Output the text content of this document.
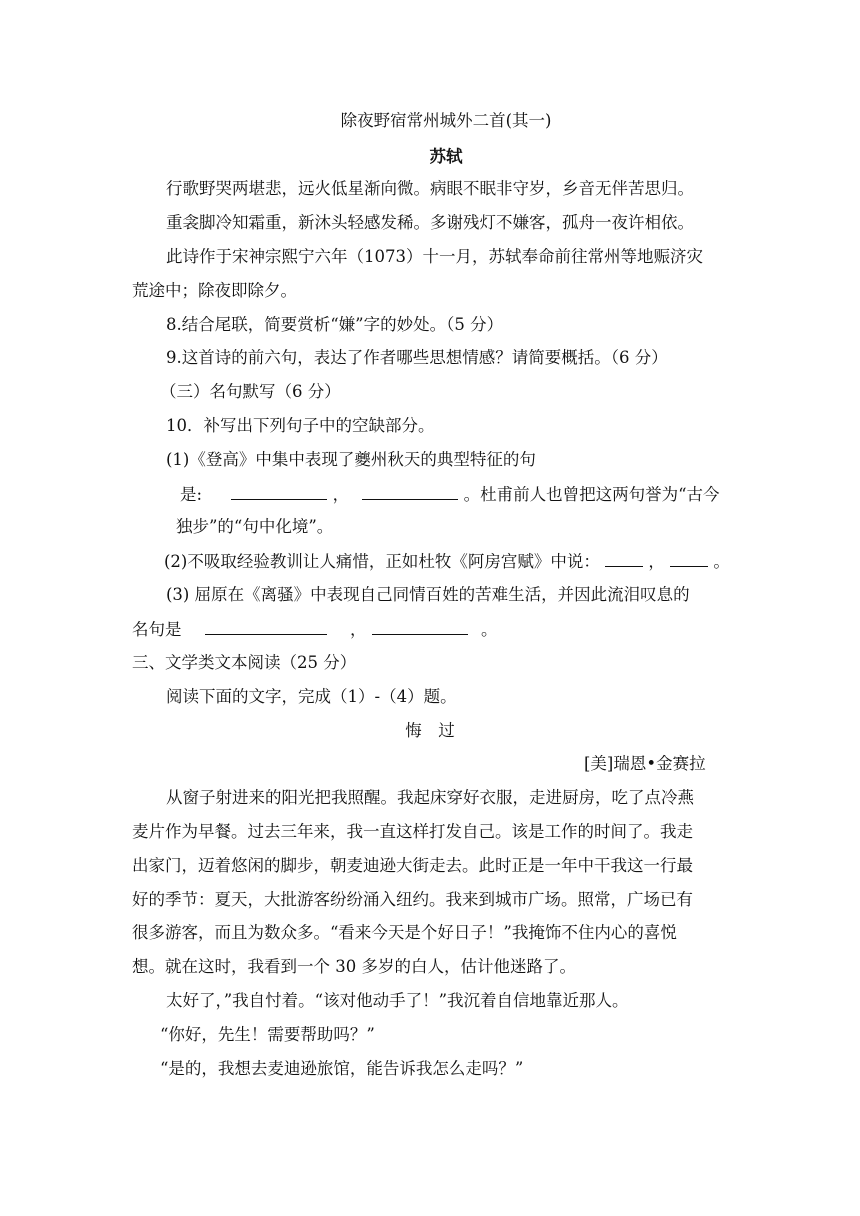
除夜野宿常州城外二首(其一)
苏轼
行歌野哭两堪悲，远火低星渐向微。病眼不眠非守岁，乡音无伴苦思归。
重衾脚冷知霜重，新沐头轻感发稀。多谢残灯不嫌客，孤舟一夜许相依。
此诗作于宋神宗熙宁六年（1073）十一月，苏轼奉命前往常州等地赈济灾
荒途中；除夜即除夕。
8.结合尾联，简要赏析“嫌”字的妙处。（5 分）
9.这首诗的前六句，表达了作者哪些思想情感？请简要概括。（6 分）
（三）名句默写（6 分）
10．补写出下列句子中的空缺部分。
(1)《登高》中集中表现了夔州秋天的典型特征的句
是:	，	。杜甫前人也曾把这两句誉为“古今
独步”的“句中化境”。
(2)不吸取经验教训让人痛惜，正如杜牧《阿房宫赋》中说：	，	。
(3) 屈原在《离骚》中表现自己同情百姓的苦难生活，并因此流泪叹息的
名句是	，	。
三、文学类文本阅读（25 分）
阅读下面的文字，完成（1）-（4）题。
悔　过
[美]瑞恩•金赛拉
从窗子射进来的阳光把我照醒。我起床穿好衣服，走进厨房，吃了点冷燕
麦片作为早餐。过去三年来，我一直这样打发自己。该是工作的时间了。我走
出家门，迈着悠闲的脚步，朝麦迪逊大街走去。此时正是一年中干我这一行最
好的季节：夏天，大批游客纷纷涌入纽约。我来到城市广场。照常，广场已有
很多游客，而且为数众多。“看来今天是个好日子！”我掩饰不住内心的喜悦
想。就在这时，我看到一个 30 多岁的白人，估计他迷路了。
太好了，”我自忖着。“该对他动手了！”我沉着自信地靠近那人。
“你好，先生！需要帮助吗？”
“是的，我想去麦迪逊旅馆，能告诉我怎么走吗？”
